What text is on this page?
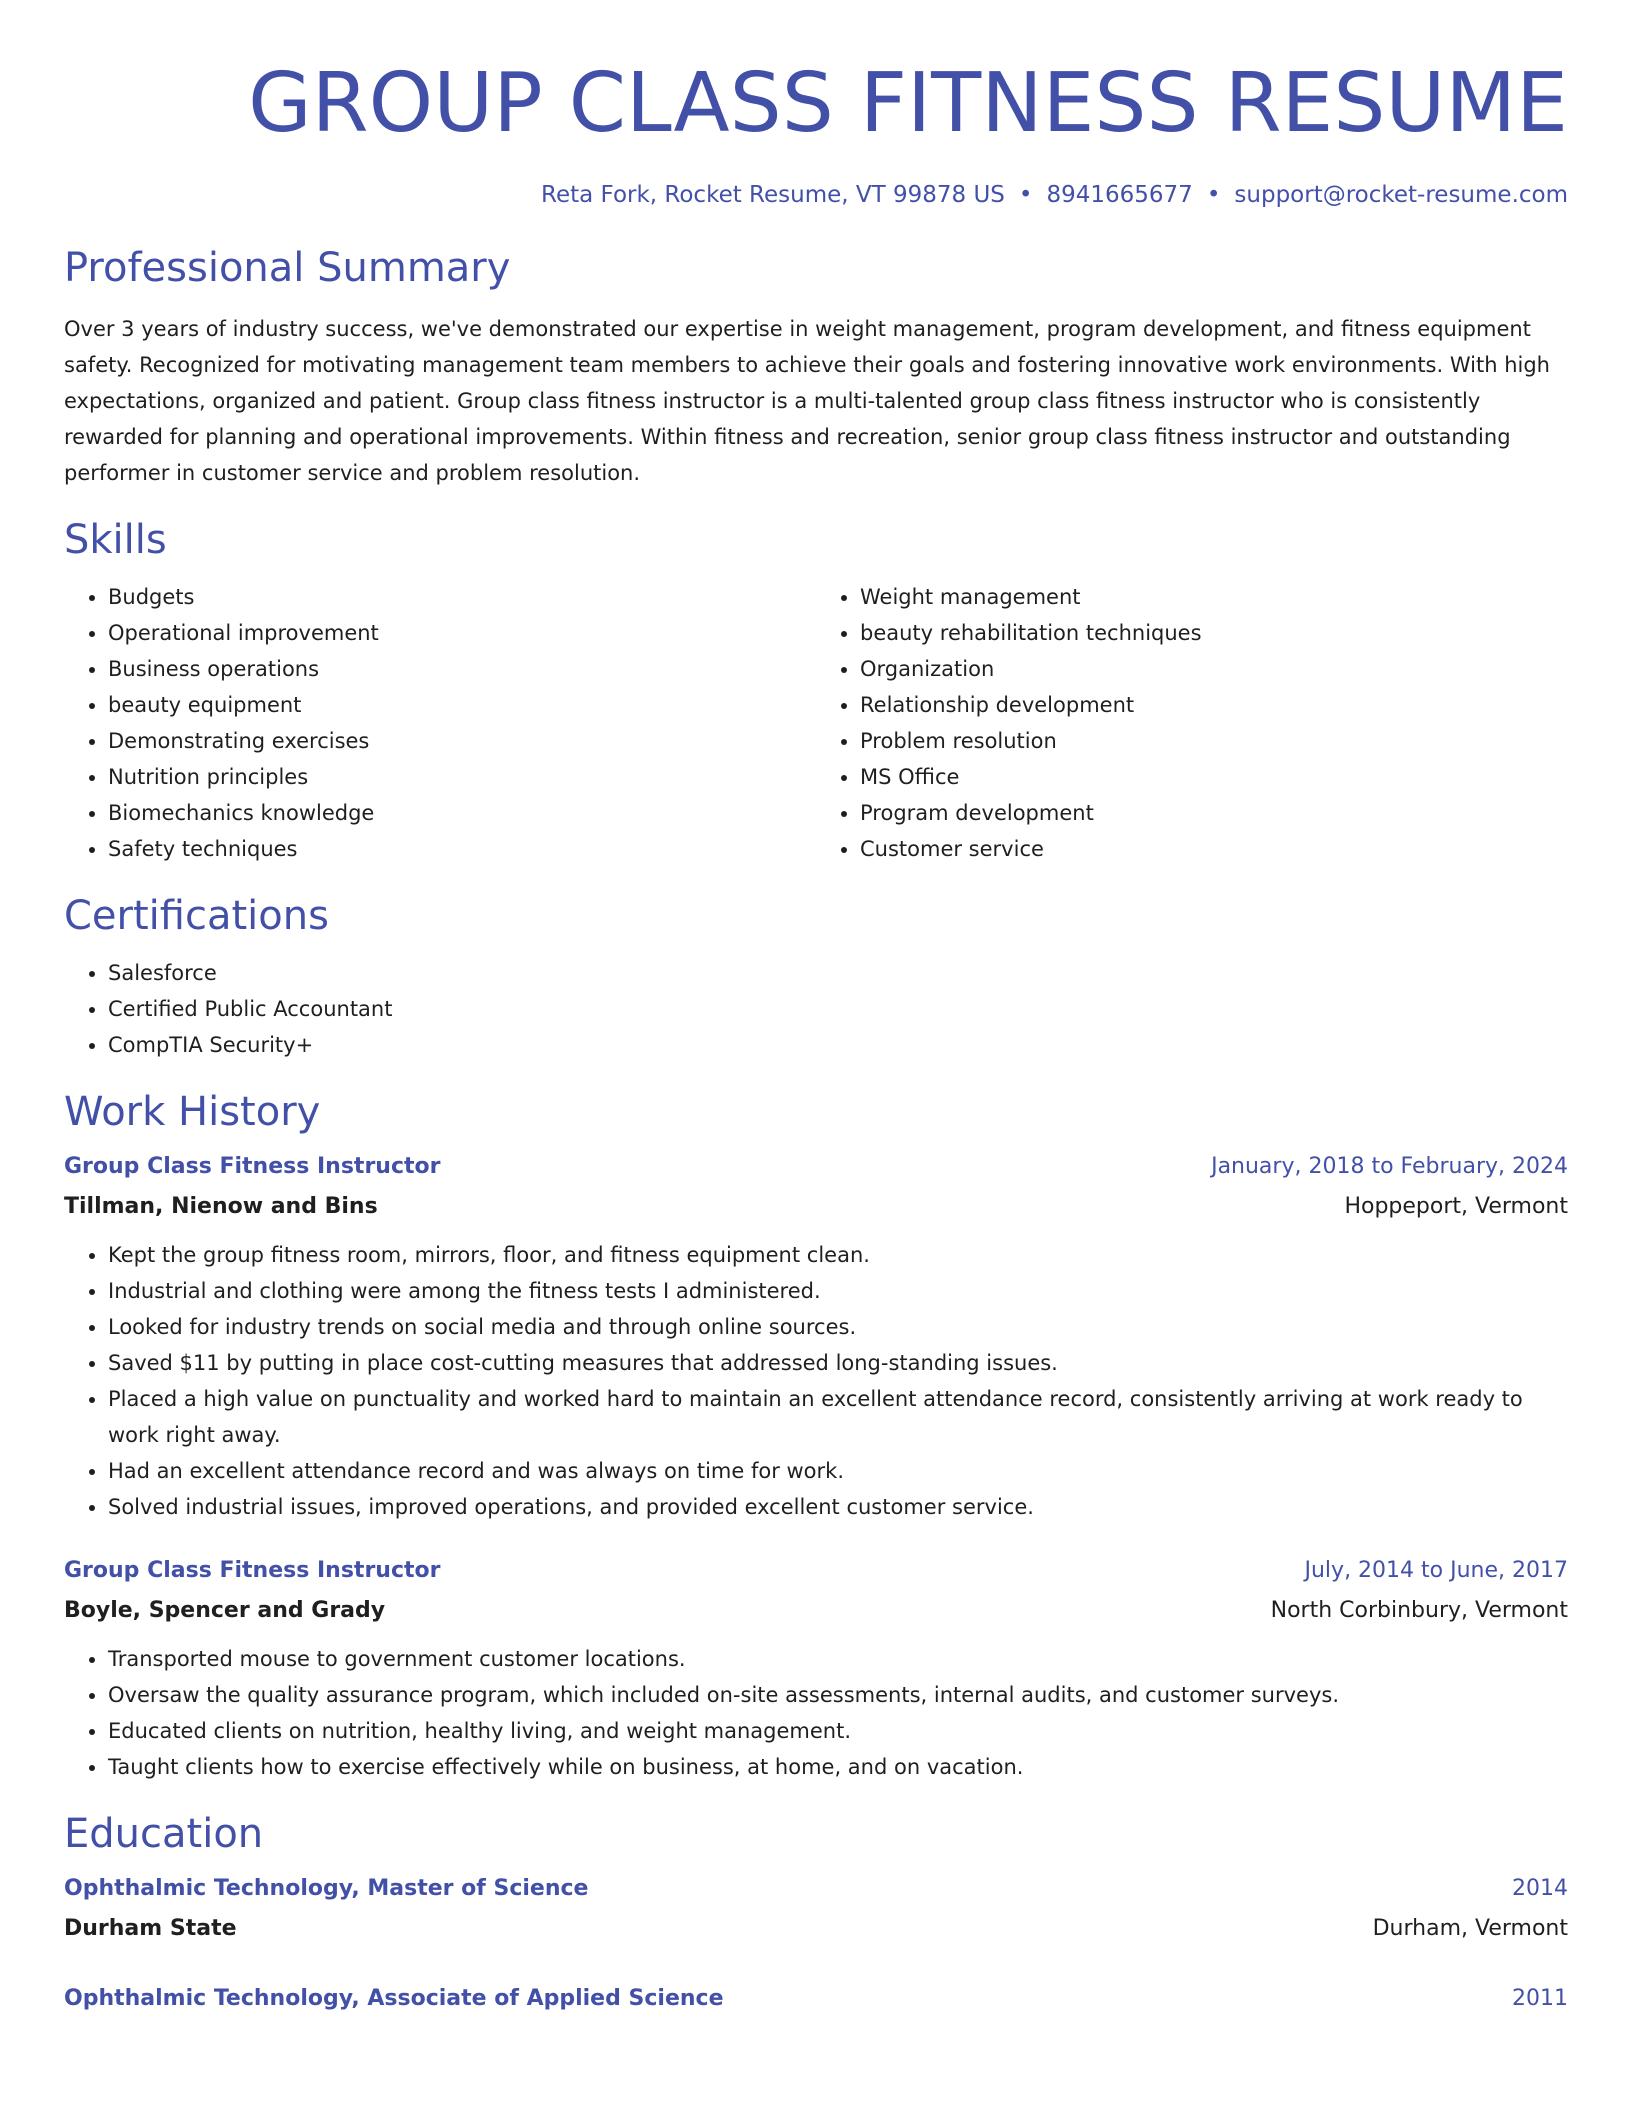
GROUP CLASS FITNESS RESUME
Reta Fork, Rocket Resume, VT 99878 US • 8941665677 • support@rocket-resume.com
Professional Summary

Over 3 years of industry success, we've demonstrated our expertise in weight management, program development, and fitness equipment safety. Recognized for motivating management team members to achieve their goals and fostering innovative work environments. With high expectations, organized and patient. Group class fitness instructor is a multi-talented group class fitness instructor who is consistently rewarded for planning and operational improvements. Within fitness and recreation, senior group class fitness instructor and outstanding performer in customer service and problem resolution.

Skills
• Budgets
• Operational improvement
• Business operations
• beauty equipment
• Demonstrating exercises
• Nutrition principles
• Biomechanics knowledge
• Safety techniques
• Weight management
• beauty rehabilitation techniques
• Organization
• Relationship development
• Problem resolution
• MS Office
• Program development
• Customer service
Certifications
• Salesforce
• Certified Public Accountant
• CompTIA Security+
Work History
Group Class Fitness Instructor	January, 2018 to February, 2024
Tillman, Nienow and Bins	Hoppeport, Vermont
• Kept the group fitness room, mirrors, floor, and fitness equipment clean.
• Industrial and clothing were among the fitness tests I administered.
• Looked for industry trends on social media and through online sources.
• Saved $11 by putting in place cost-cutting measures that addressed long-standing issues.
• Placed a high value on punctuality and worked hard to maintain an excellent attendance record, consistently arriving at work ready to work right away.
• Had an excellent attendance record and was always on time for work.
• Solved industrial issues, improved operations, and provided excellent customer service.
Group Class Fitness Instructor	July, 2014 to June, 2017
Boyle, Spencer and Grady	North Corbinbury, Vermont
• Transported mouse to government customer locations.
• Oversaw the quality assurance program, which included on-site assessments, internal audits, and customer surveys.
• Educated clients on nutrition, healthy living, and weight management.
• Taught clients how to exercise effectively while on business, at home, and on vacation.
Education
Ophthalmic Technology, Master of Science	2014
Durham State	Durham, Vermont
Ophthalmic Technology, Associate of Applied Science	2011
